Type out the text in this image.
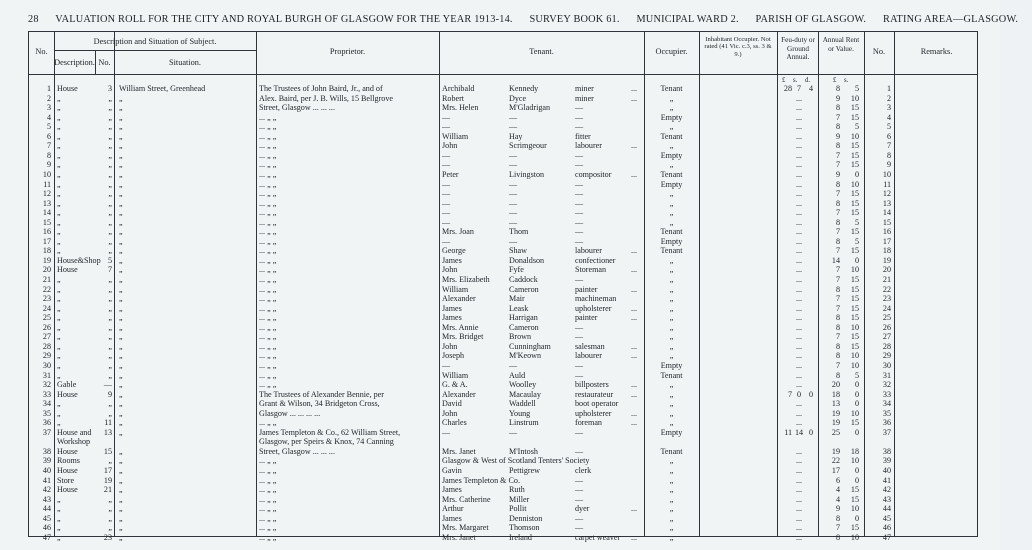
28 VALUATION ROLL FOR THE CITY AND ROYAL BURGH OF GLASGOW FOR THE YEAR 1913-14. SURVEY BOOK 61. MUNICIPAL WARD 2. PARISH OF GLASGOW. RATING AREA—GLASGOW.
No.
Description and Situation of Subject.
Description. No.	Situation.
Proprietor.	Tenant.	Occupier.
Inhabitant Occupier. Not rated (41 Vic. c.3, ss. 3 & 9.)
Feu-duty or Ground Annual.
Annual Rent or Value.	No.	Remarks.
£ s. d.	£ s.
1 House	3 William Street, Greenhead	The Trustees of John Baird, Jr., and of	Archibald	Kennedy	miner	...	Tenant	28 7 4	8	5	1
2 „	„ „	Alex. Baird, per J. B. Wills, 15 Bellgrove	Robert	Dyce	miner	...	„	...	9	10	2
3 „	„ „	Street, Glasgow ... ... ...	Mrs. Helen	M'Gladrigan	—	„	...	8	15	3
4 „	„ „	... „ „	—	—	—	Empty	...	7	15	4
5 „	„ „	... „ „	—	—	—	„	...	8	5	5
6 „	„ „	... „ „	William	Hay	fitter	Tenant	...	9	10	6
7 „	„ „	... „ „	John	Scrimgeour	labourer	...	„	...	8	15	7
8 „	„ „	... „ „	—	—	—	Empty	...	7	15	8
9 „	„ „	... „ „	—	—	—	„	...	7	15	9
10 „	„ „	... „ „	Peter	Livingston	compositor	...	Tenant	...	9	0	10
11 „	„ „	... „ „	—	—	—	Empty	...	8	10	11
12 „	„ „	... „ „	—	—	—	„	...	7	15	12
13 „	„ „	... „ „	—	—	—	„	...	8	15	13
14 „	„ „	... „ „	—	—	—	„	...	7	15	14
15 „	„ „	... „ „	—	—	—	„	...	8	5	15
16 „	„ „	... „ „	Mrs. Joan	Thom	—	Tenant	...	7	15	16
17 „	„ „	... „ „	—	—	—	Empty	...	8	5	17
18 „	„ „	... „ „	George	Shaw	labourer	...	Tenant	...	7	15	18
19 House&Shop 5 „	... „ „	James	Donaldson	confectioner	„	...	14	0	19
20 House	7 „	... „ „	John	Fyfe	Storeman	...	„	...	7	10	20
21 „	„ „	... „ „	Mrs. Elizabeth	Caddock	—	„	...	7	15	21
22 „	„ „	... „ „	William	Cameron	painter	...	„	...	8	15	22
23 „	„ „	... „ „	Alexander	Mair	machineman	„	...	7	15	23
24 „	„ „	... „ „	James	Leask	upholsterer	...	„	...	7	15	24
25 „	„ „	... „ „	James	Harrigan	painter	...	„	...	8	15	25
26 „	„ „	... „ „	Mrs. Annie	Cameron	—	„	...	8	10	26
27 „	„ „	... „ „	Mrs. Bridget	Brown	—	„	...	7	15	27
28 „	„ „	... „ „	John	Cunningham	salesman	...	„	...	8	15	28
29 „	„ „	... „ „	Joseph	M'Keown	labourer	...	„	...	8	10	29
30 „	„ „	... „ „	—	—	—	Empty	...	7	10	30
31 „	„ „	... „ „	William	Auld	—	Tenant	...	8	5	31
32 Gable	— „	... „ „	G. & A.	Woolley	billposters	...	„	...	20	0	32
33 House	9 „	The Trustees of Alexander Bennie, per	Alexander	Macaulay	restaurateur	...	„	7 0 0	18	0	33
34 „	„ „	Grant & Wilson, 34 Bridgeton Cross,	David	Waddell	boot operator	„	...	13	0	34
35 „	„ „	Glasgow ... ... ... ...	John	Young	upholsterer	...	„	...	19	10	35
36 „	11 „	... „ „	Charles	Linstrum	foreman	...	„	...	19	15	36
37 House and	13 „	James Templeton & Co., 62 William Street,	—	—	—	Empty	11 14 0	25	0	37
Workshop	Glasgow, per Speirs & Knox, 74 Canning
38 House	15 „	Street, Glasgow ... ... ...	Mrs. Janet	M'Intosh	—	Tenant	...	19	18	38
39 Rooms	„ „	... „ „	Glasgow & West of Scotland Tenters' Society	„	...	22	10	39
40 House	17 „	... „ „	Gavin	Pettigrew	clerk	„	...	17	0	40
41 Store	19 „	... „ „	James Templeton & Co.	—	„	...	6	0	41
42 House	21 „	... „ „	James	Ruth	—	„	...	4	15	42
43 „	„ „	... „ „	Mrs. Catherine	Miller	—	„	...	4	15	43
44 „	„ „	... „ „	Arthur	Pollit	dyer	...	„	...	9	10	44
45 „	„ „	... „ „	James	Denniston	—	„	...	8	0	45
46 „	„ „	... „ „	Mrs. Margaret	Thomson	—	„	...	7	15	46
47 „	23 „	... „ „	Mrs. Janet	Ireland	carpet weaver	...	„	...	8	10	47
